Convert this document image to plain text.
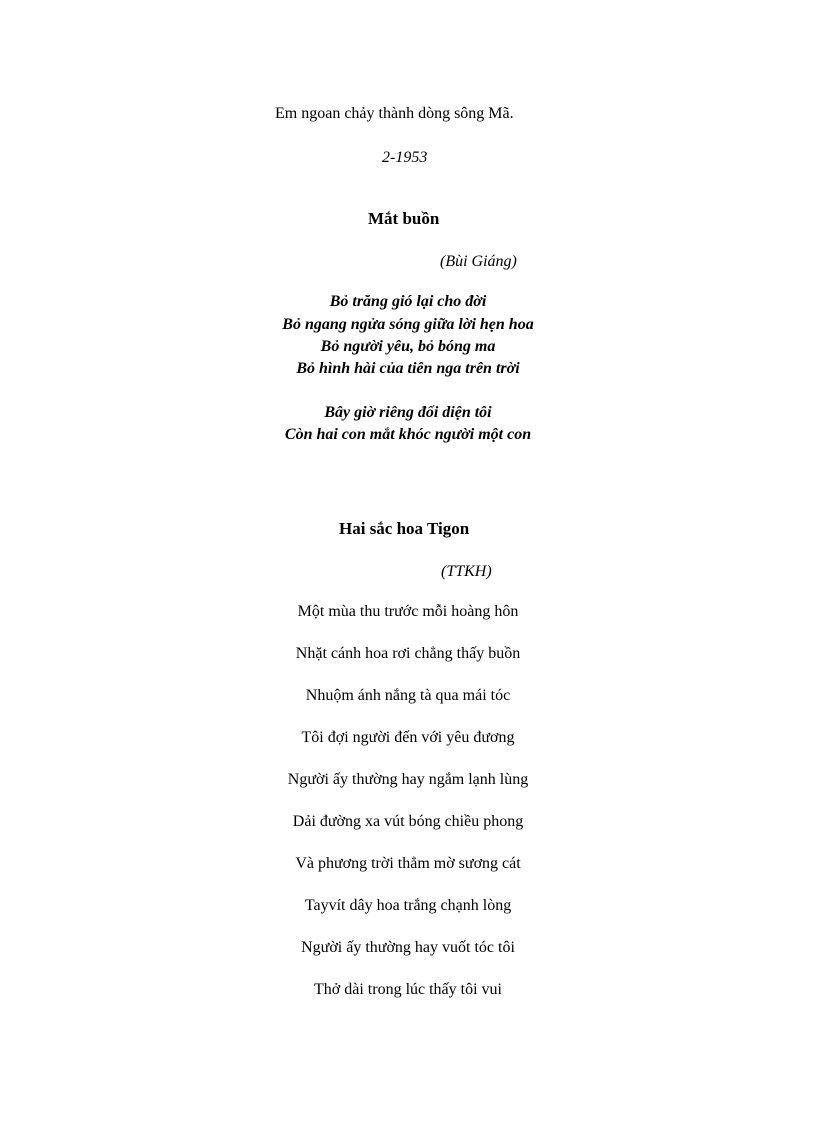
Em ngoan chảy thành dòng sông Mã.
2-1953
Mắt buồn
(Bùi Giáng)
Bỏ trăng gió lại cho đời
Bỏ ngang ngửa sóng giữa lời hẹn hoa
Bỏ người yêu, bỏ bóng ma
Bỏ hình hài của tiên nga trên trời
Bây giờ riêng đối diện tôi
Còn hai con mắt khóc người một con
Hai sắc hoa Tigon
(TTKH)
Một mùa thu trước mỗi hoàng hôn
Nhặt cánh hoa rơi chẳng thấy buồn
Nhuộm ánh nắng tà qua mái tóc
Tôi đợi người đến với yêu đương
Người ấy thường hay ngắm lạnh lùng
Dải đường xa vút bóng chiều phong
Và phương trời thẳm mờ sương cát
Tayvít dây hoa trắng chạnh lòng
Người ấy thường hay vuốt tóc tôi
Thở dài trong lúc thấy tôi vui
